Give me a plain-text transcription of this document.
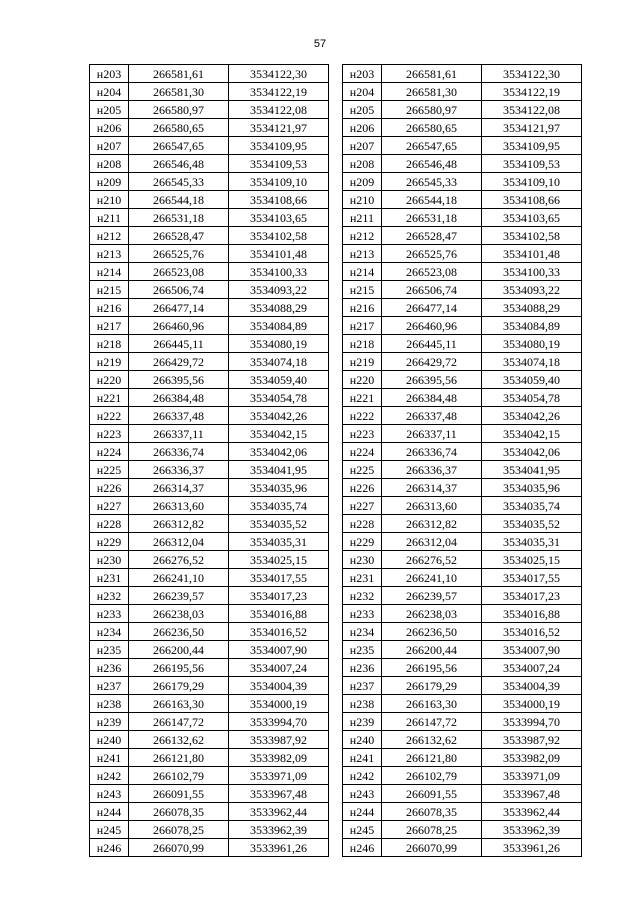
57
н203	266581,61	3534122,30
н204	266581,30	3534122,19
н205	266580,97	3534122,08
н206	266580,65	3534121,97
н207	266547,65	3534109,95
н208	266546,48	3534109,53
н209	266545,33	3534109,10
н210	266544,18	3534108,66
н211	266531,18	3534103,65
н212	266528,47	3534102,58
н213	266525,76	3534101,48
н214	266523,08	3534100,33
н215	266506,74	3534093,22
н216	266477,14	3534088,29
н217	266460,96	3534084,89
н218	266445,11	3534080,19
н219	266429,72	3534074,18
н220	266395,56	3534059,40
н221	266384,48	3534054,78
н222	266337,48	3534042,26
н223	266337,11	3534042,15
н224	266336,74	3534042,06
н225	266336,37	3534041,95
н226	266314,37	3534035,96
н227	266313,60	3534035,74
н228	266312,82	3534035,52
н229	266312,04	3534035,31
н230	266276,52	3534025,15
н231	266241,10	3534017,55
н232	266239,57	3534017,23
н233	266238,03	3534016,88
н234	266236,50	3534016,52
н235	266200,44	3534007,90
н236	266195,56	3534007,24
н237	266179,29	3534004,39
н238	266163,30	3534000,19
н239	266147,72	3533994,70
н240	266132,62	3533987,92
н241	266121,80	3533982,09
н242	266102,79	3533971,09
н243	266091,55	3533967,48
н244	266078,35	3533962,44
н245	266078,25	3533962,39
н246	266070,99	3533961,26
н203	266581,61	3534122,30
н204	266581,30	3534122,19
н205	266580,97	3534122,08
н206	266580,65	3534121,97
н207	266547,65	3534109,95
н208	266546,48	3534109,53
н209	266545,33	3534109,10
н210	266544,18	3534108,66
н211	266531,18	3534103,65
н212	266528,47	3534102,58
н213	266525,76	3534101,48
н214	266523,08	3534100,33
н215	266506,74	3534093,22
н216	266477,14	3534088,29
н217	266460,96	3534084,89
н218	266445,11	3534080,19
н219	266429,72	3534074,18
н220	266395,56	3534059,40
н221	266384,48	3534054,78
н222	266337,48	3534042,26
н223	266337,11	3534042,15
н224	266336,74	3534042,06
н225	266336,37	3534041,95
н226	266314,37	3534035,96
н227	266313,60	3534035,74
н228	266312,82	3534035,52
н229	266312,04	3534035,31
н230	266276,52	3534025,15
н231	266241,10	3534017,55
н232	266239,57	3534017,23
н233	266238,03	3534016,88
н234	266236,50	3534016,52
н235	266200,44	3534007,90
н236	266195,56	3534007,24
н237	266179,29	3534004,39
н238	266163,30	3534000,19
н239	266147,72	3533994,70
н240	266132,62	3533987,92
н241	266121,80	3533982,09
н242	266102,79	3533971,09
н243	266091,55	3533967,48
н244	266078,35	3533962,44
н245	266078,25	3533962,39
н246	266070,99	3533961,26
